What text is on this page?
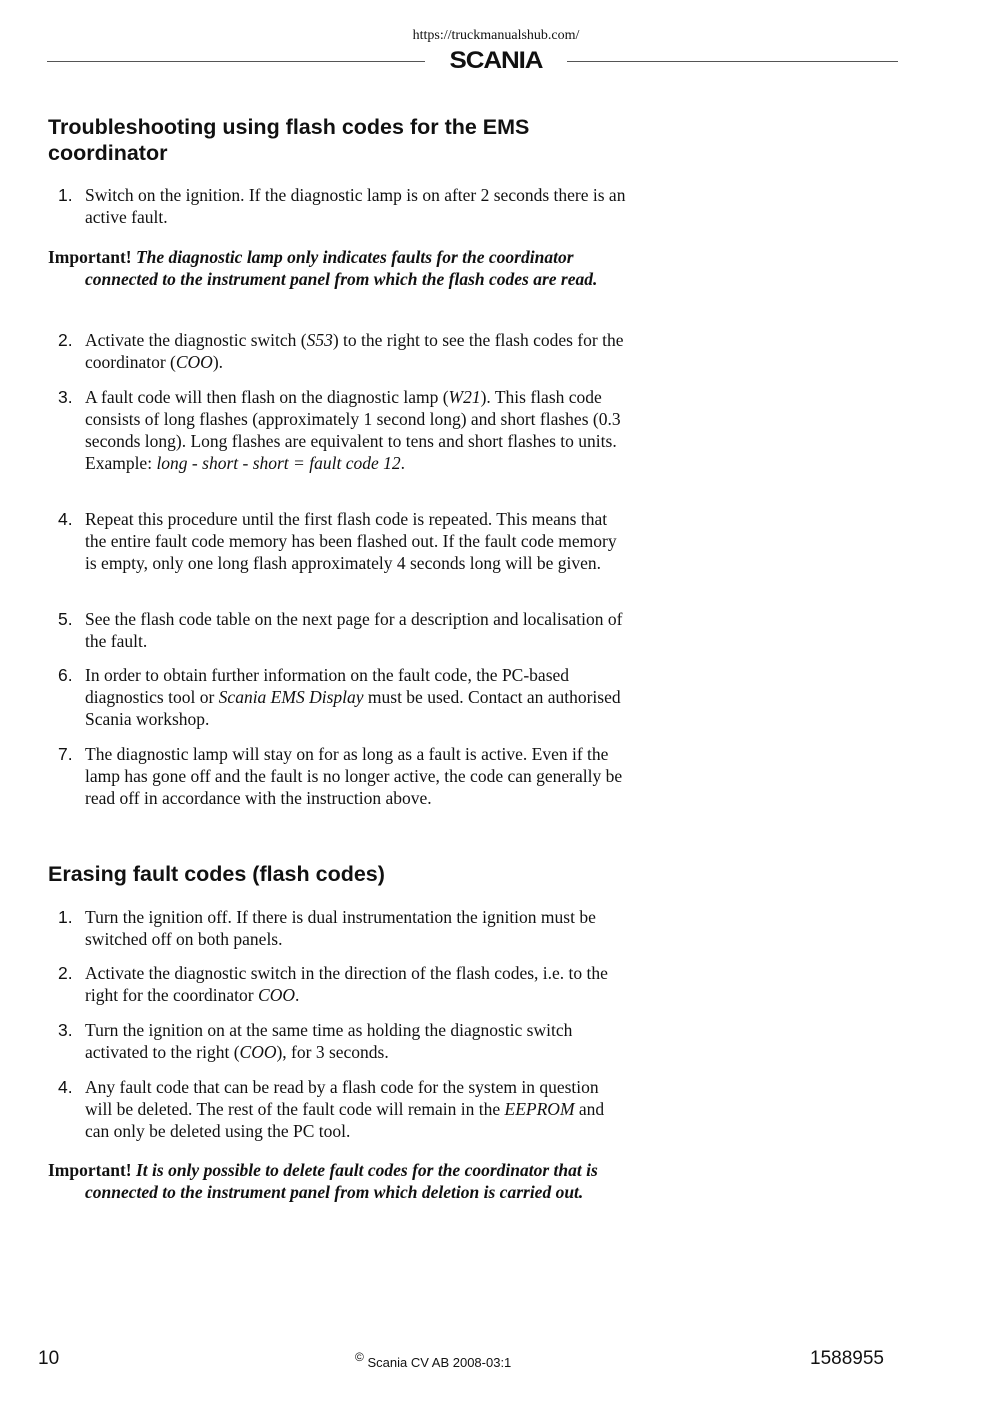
https://truckmanualshub.com/
SCANIA
Troubleshooting using flash codes for the EMS coordinator
1. Switch on the ignition. If the diagnostic lamp is on after 2 seconds there is an active fault.
Important! The diagnostic lamp only indicates faults for the coordinator connected to the instrument panel from which the flash codes are read.
2. Activate the diagnostic switch (S53) to the right to see the flash codes for the coordinator (COO).
3. A fault code will then flash on the diagnostic lamp (W21). This flash code consists of long flashes (approximately 1 second long) and short flashes (0.3 seconds long). Long flashes are equivalent to tens and short flashes to units.
Example: long - short - short = fault code 12.
4. Repeat this procedure until the first flash code is repeated. This means that the entire fault code memory has been flashed out. If the fault code memory is empty, only one long flash approximately 4 seconds long will be given.
5. See the flash code table on the next page for a description and localisation of the fault.
6. In order to obtain further information on the fault code, the PC-based diagnostics tool or Scania EMS Display must be used. Contact an authorised Scania workshop.
7. The diagnostic lamp will stay on for as long as a fault is active. Even if the lamp has gone off and the fault is no longer active, the code can generally be read off in accordance with the instruction above.
Erasing fault codes (flash codes)
1. Turn the ignition off. If there is dual instrumentation the ignition must be switched off on both panels.
2. Activate the diagnostic switch in the direction of the flash codes, i.e. to the right for the coordinator COO.
3. Turn the ignition on at the same time as holding the diagnostic switch activated to the right (COO), for 3 seconds.
4. Any fault code that can be read by a flash code for the system in question will be deleted. The rest of the fault code will remain in the EEPROM and can only be deleted using the PC tool.
Important! It is only possible to delete fault codes for the coordinator that is connected to the instrument panel from which deletion is carried out.
10	© Scania CV AB 2008-03:1	1588955
